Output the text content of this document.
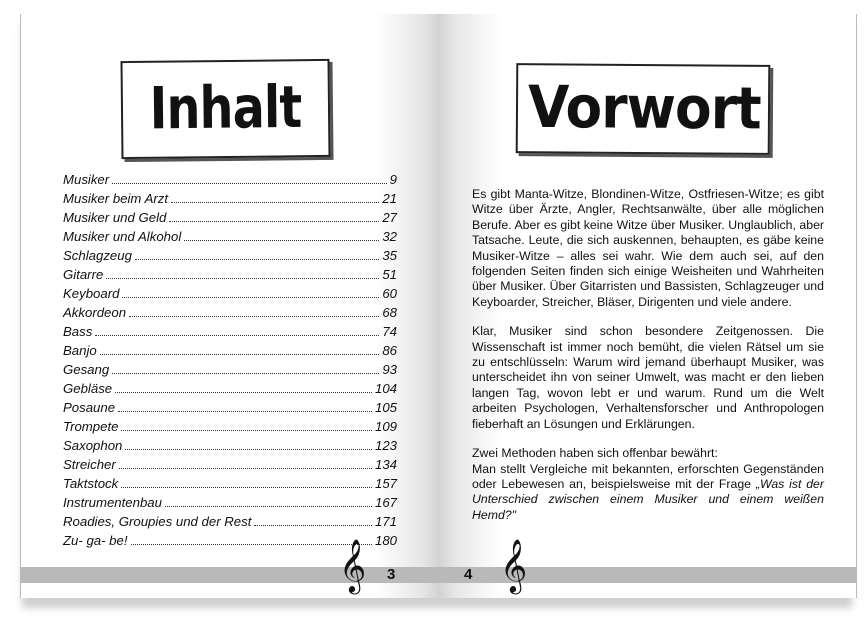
Inhalt
Musiker	9
Musiker beim Arzt	21
Musiker und Geld	27
Musiker und Alkohol	32
Schlagzeug	35
Gitarre	51
Keyboard	60
Akkordeon	68
Bass	74
Banjo	86
Gesang	93
Gebläse	104
Posaune	105
Trompete	109
Saxophon	123
Streicher	134
Taktstock	157
Instrumentenbau	167
Roadies, Groupies und der Rest	171
Zu- ga- be!	180
𝄞 3
Vorwort

Es gibt Manta-Witze, Blondinen-Witze, Ostfriesen-Witze; es gibt Witze über Ärzte, Angler, Rechtsanwälte, über alle möglichen Berufe. Aber es gibt keine Witze über Musiker. Unglaublich, aber Tatsache. Leute, die sich auskennen, behaupten, es gäbe keine Musiker-Witze – alles sei wahr. Wie dem auch sei, auf den folgenden Seiten finden sich einige Weisheiten und Wahrheiten über Musiker. Über Gitarristen und Bassisten, Schlagzeuger und Keyboarder, Streicher, Bläser, Dirigenten und viele andere.

Klar, Musiker sind schon besondere Zeitgenossen. Die Wissenschaft ist immer noch bemüht, die vielen Rätsel um sie zu entschlüsseln: Warum wird jemand überhaupt Musiker, was unterscheidet ihn von seiner Umwelt, was macht er den lieben langen Tag, wovon lebt er und warum. Rund um die Welt arbeiten Psychologen, Verhaltensforscher und Anthropologen fieberhaft an Lösungen und Erklärungen.

Zwei Methoden haben sich offenbar bewährt:

Man stellt Vergleiche mit bekannten, erforschten Gegenständen oder Lebewesen an, beispielsweise mit der Frage „Was ist der Unterschied zwischen einem Musiker und einem weißen Hemd?"

4 𝄞
